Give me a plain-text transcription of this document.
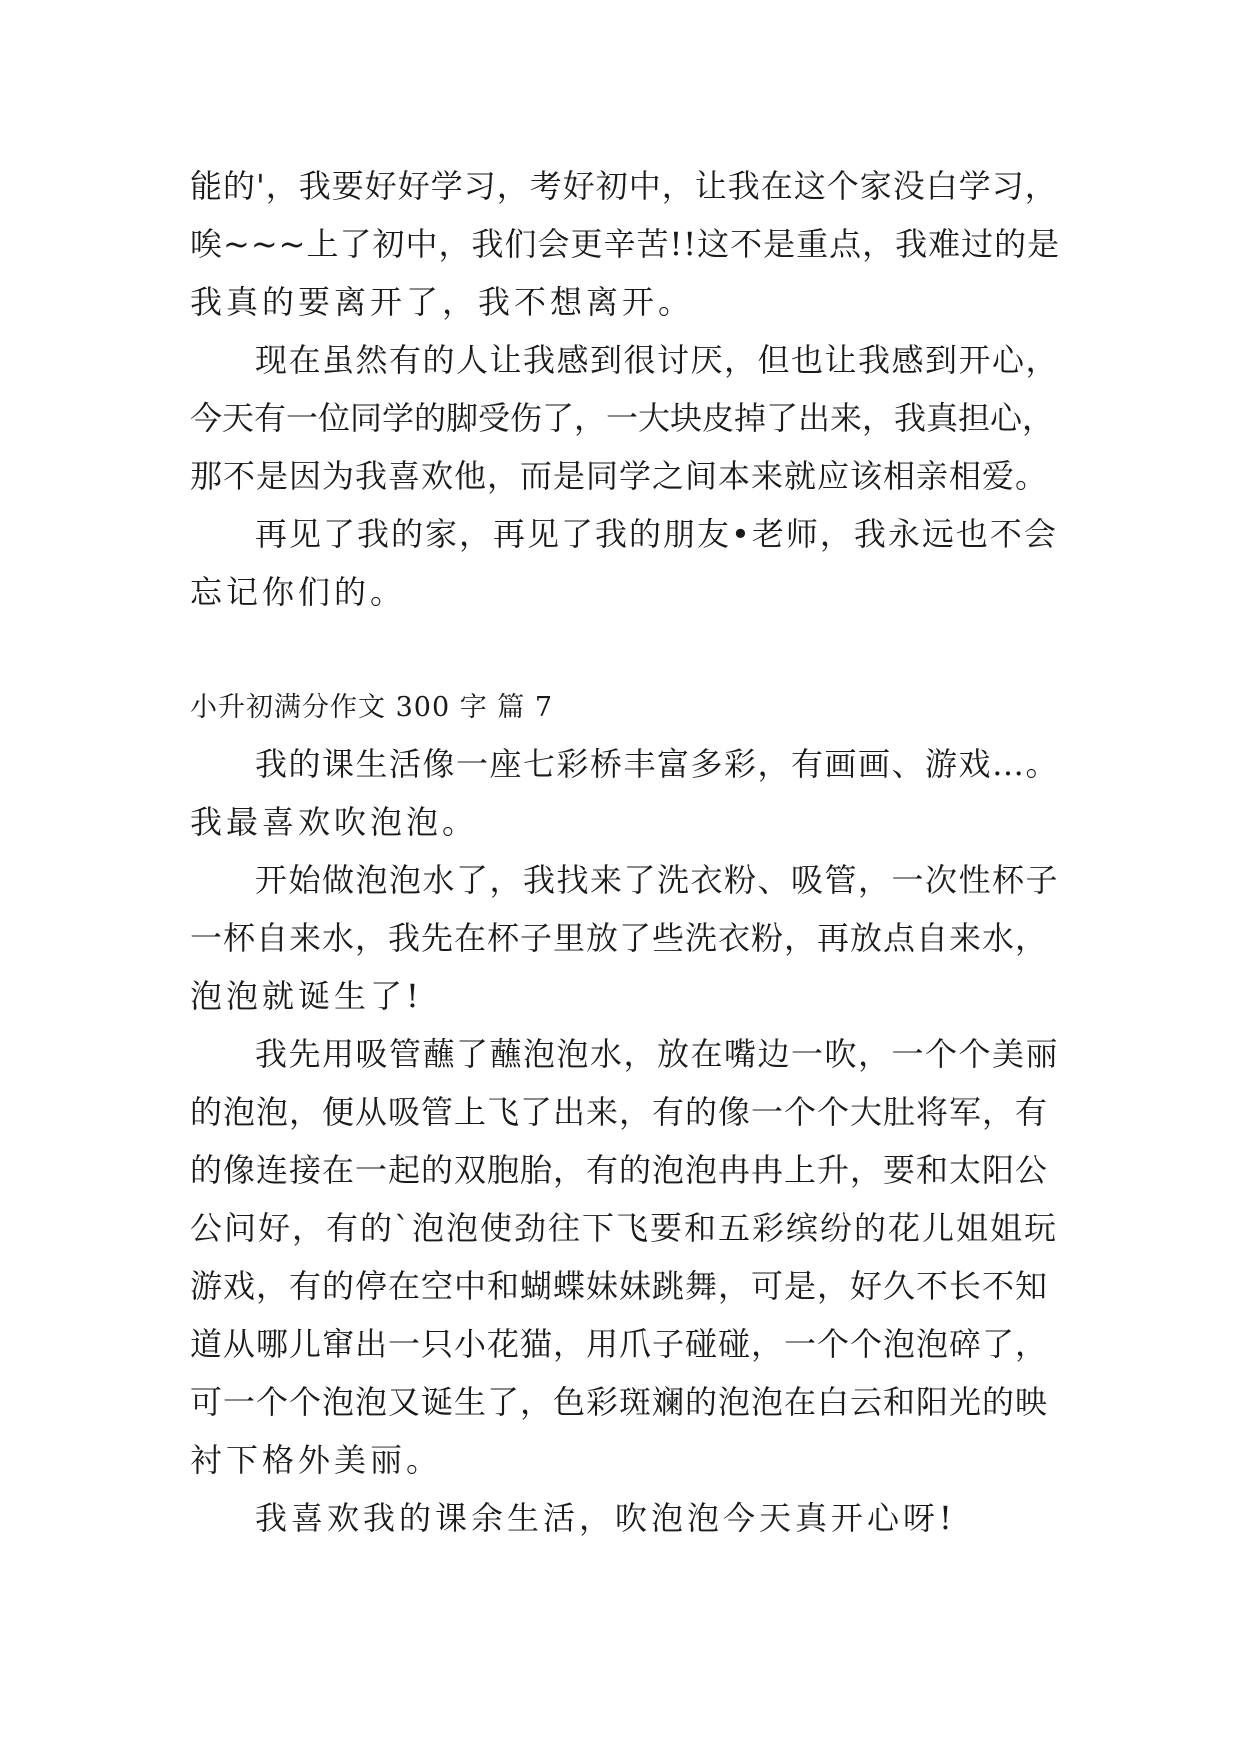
能的'，我要好好学习，考好初中，让我在这个家没白学习，
唉~~~上了初中，我们会更辛苦!!这不是重点，我难过的是
我真的要离开了，我不想离开。
现在虽然有的人让我感到很讨厌，但也让我感到开心，
今天有一位同学的脚受伤了，一大块皮掉了出来，我真担心，
那不是因为我喜欢他，而是同学之间本来就应该相亲相爱。
再见了我的家，再见了我的朋友•老师，我永远也不会
忘记你们的。
小升初满分作文 300 字 篇 7
我的课生活像一座七彩桥丰富多彩，有画画、游戏…。
我最喜欢吹泡泡。
开始做泡泡水了，我找来了洗衣粉、吸管，一次性杯子
一杯自来水，我先在杯子里放了些洗衣粉，再放点自来水，
泡泡就诞生了!
我先用吸管蘸了蘸泡泡水，放在嘴边一吹，一个个美丽
的泡泡，便从吸管上飞了出来，有的像一个个大肚将军，有
的像连接在一起的双胞胎，有的泡泡冉冉上升，要和太阳公
公问好，有的`泡泡使劲往下飞要和五彩缤纷的花儿姐姐玩
游戏，有的停在空中和蝴蝶妹妹跳舞，可是，好久不长不知
道从哪儿窜出一只小花猫，用爪子碰碰，一个个泡泡碎了，
可一个个泡泡又诞生了，色彩斑斓的泡泡在白云和阳光的映
衬下格外美丽。
我喜欢我的课余生活，吹泡泡今天真开心呀!
